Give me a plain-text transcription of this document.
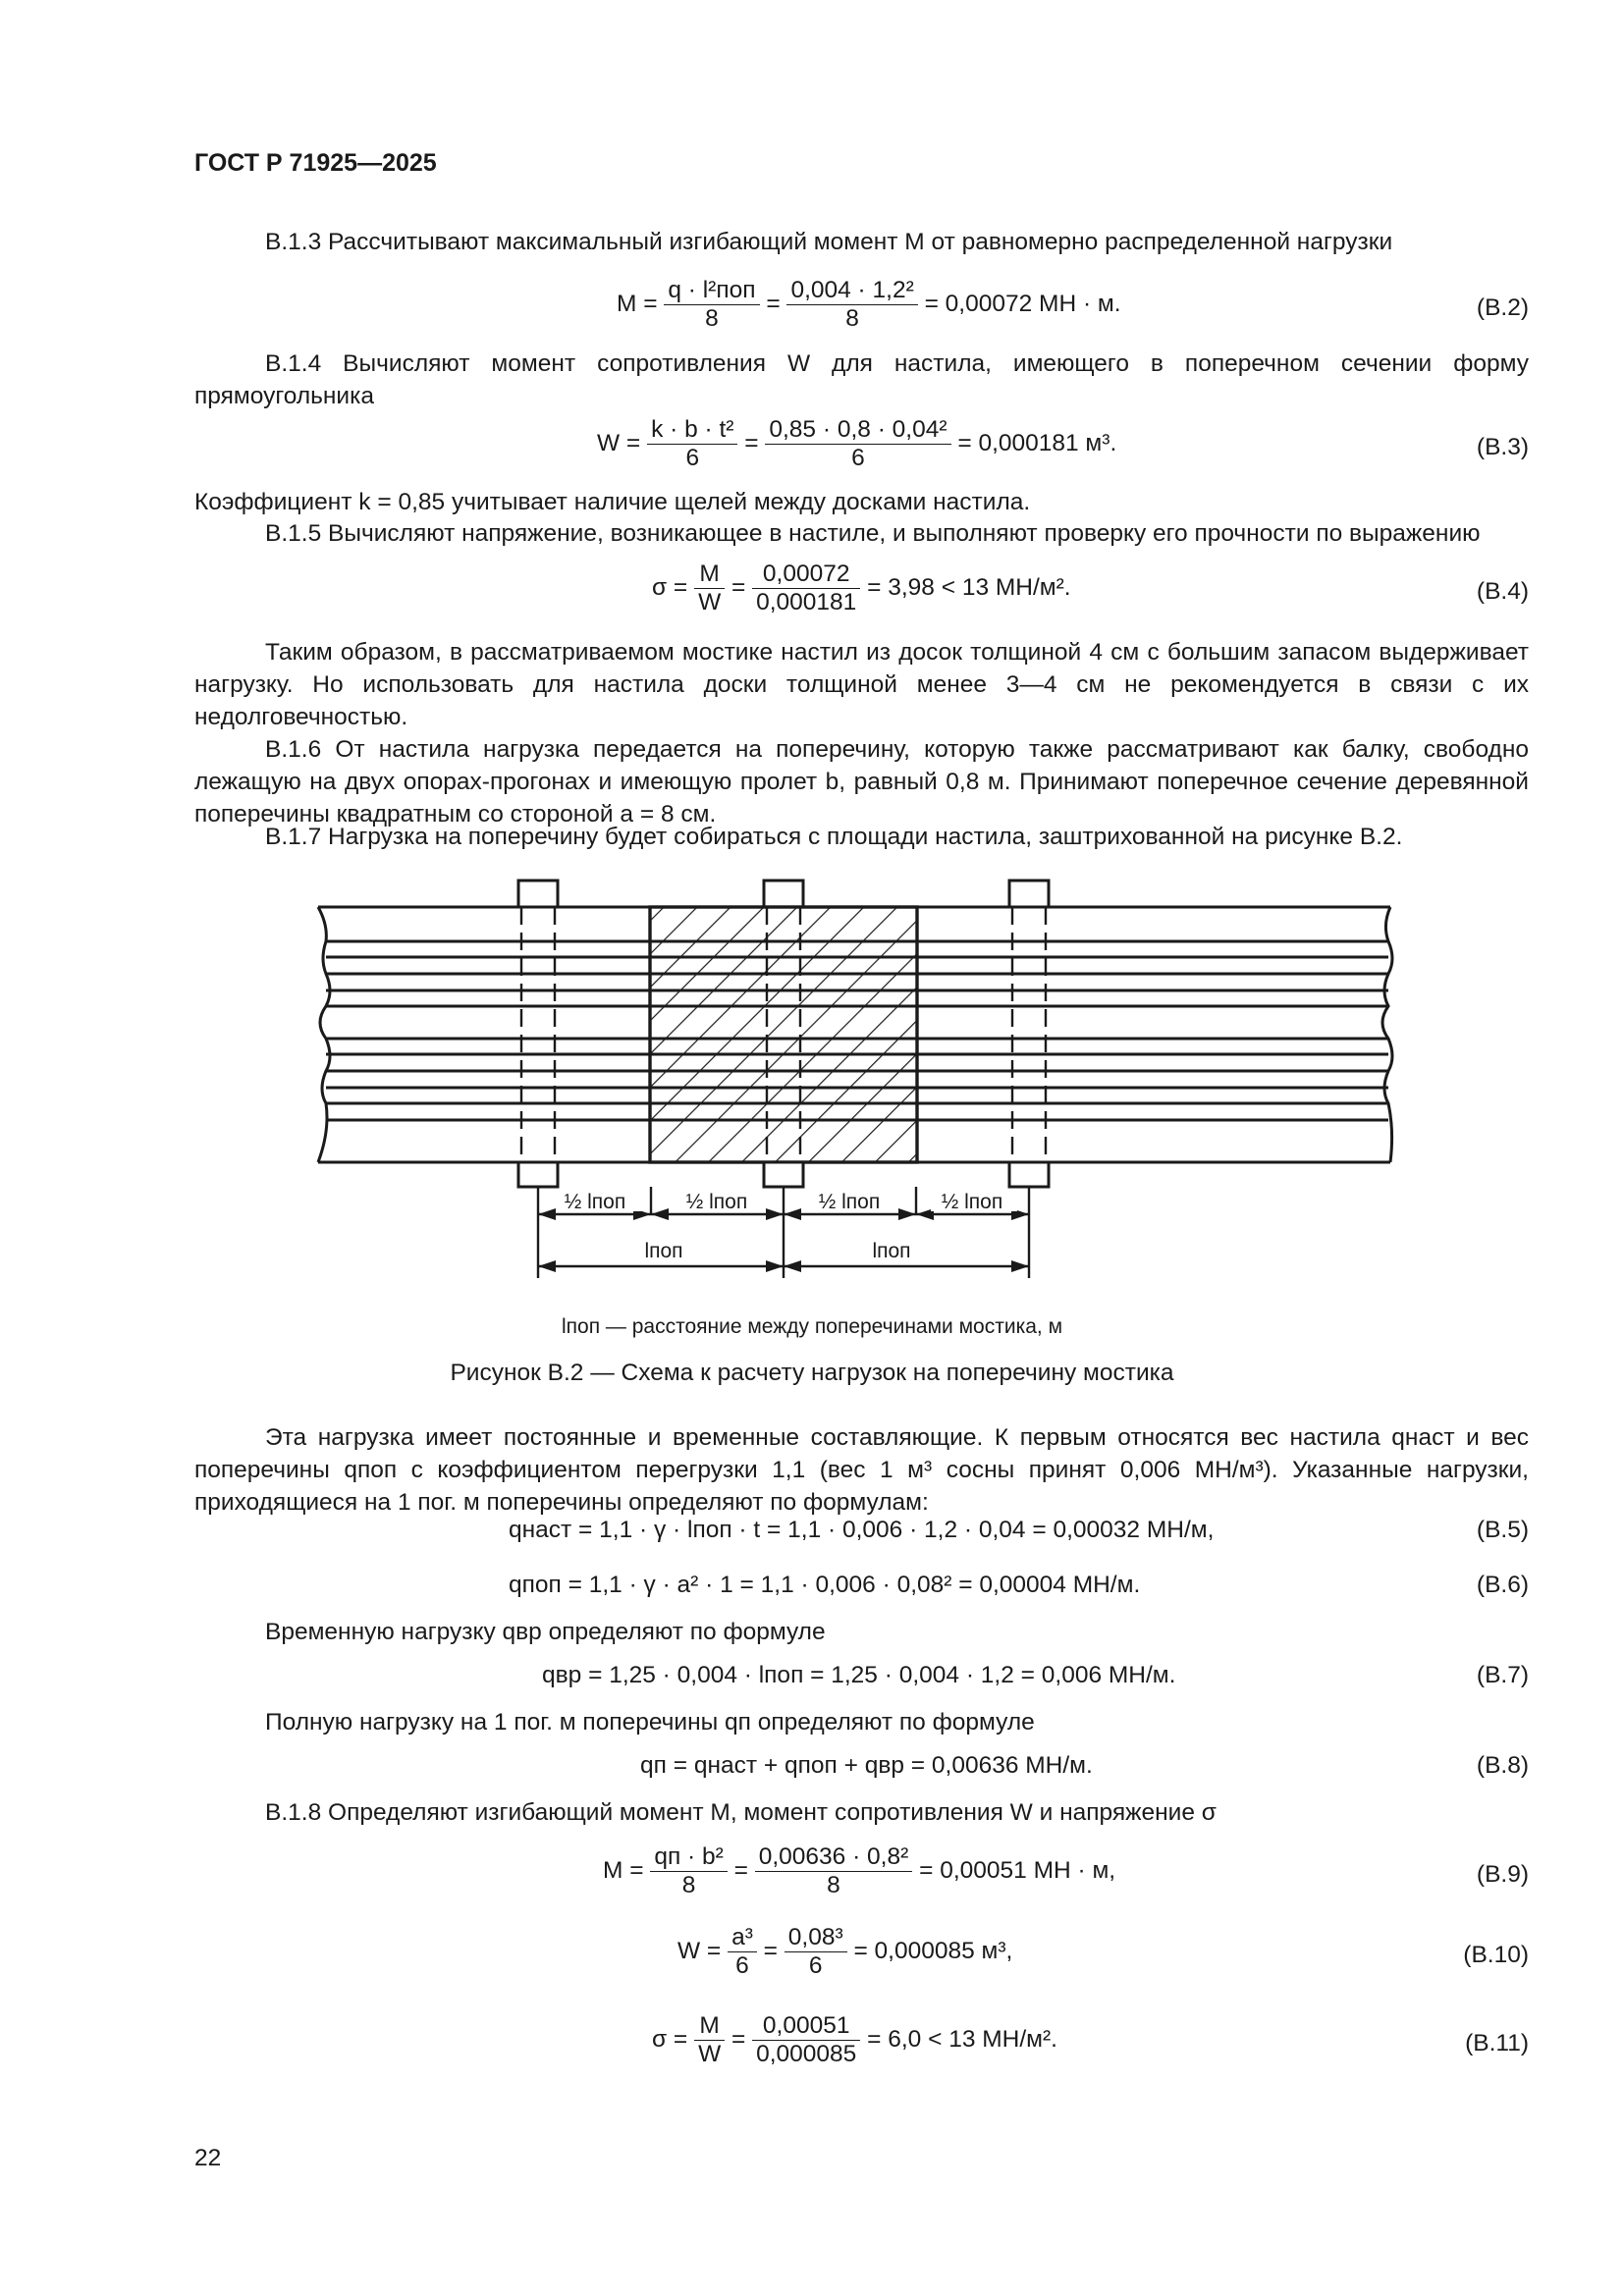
ГОСТ Р 71925—2025
В.1.3 Рассчитывают максимальный изгибающий момент M от равномерно распределенной нагрузки
$M = \frac{\text{q · l²поп}}{8} = \frac{\text{0,004 · 1,2²}}{8} = 0,00072$ МН · м.	(В.2)
В.1.4 Вычисляют момент сопротивления W для настила, имеющего в поперечном сечении форму прямоугольника
$W = \frac{\text{k · b · t²}}{6} = \frac{\text{0,85 · 0,8 · 0,04²}}{6} = 0,000181$ м³.	(В.3)
Коэффициент k = 0,85 учитывает наличие щелей между досками настила.
В.1.5 Вычисляют напряжение, возникающее в настиле, и выполняют проверку его прочности по выражению
$\sigma = \frac{M}{W} = \frac{0,00072}{0,000181} = 3,98 < 13$ МН/м².	(В.4)
Таким образом, в рассматриваемом мостике настил из досок толщиной 4 см с большим запасом выдерживает нагрузку. Но использовать для настила доски толщиной менее 3—4 см не рекомендуется в связи с их недолговечностью.
В.1.6 От настила нагрузка передается на поперечину, которую также рассматривают как балку, свободно лежащую на двух опорах-прогонах и имеющую пролет b, равный 0,8 м. Принимают поперечное сечение деревянной поперечины квадратным со стороной a = 8 см.
В.1.7 Нагрузка на поперечину будет собираться с площади настила, заштрихованной на рисунке В.2.
½ lпоп	½ lпоп	½ lпоп	½ lпоп
lпоп	lпоп
lпоп — расстояние между поперечинами мостика, м
Рисунок В.2 — Схема к расчету нагрузок на поперечину мостика
Эта нагрузка имеет постоянные и временные составляющие. К первым относятся вес настила qнаст и вес поперечины qпоп с коэффициентом перегрузки 1,1 (вес 1 м³ сосны принят 0,006 МН/м³). Указанные нагрузки, приходящиеся на 1 пог. м поперечины определяют по формулам:
qнаст = 1,1 · γ · lпоп · t = 1,1 · 0,006 · 1,2 · 0,04 = 0,00032 МН/м,	(В.5)
qпоп = 1,1 · γ · a² · 1 = 1,1 · 0,006 · 0,08² = 0,00004 МН/м.	(В.6)
Временную нагрузку qвр определяют по формуле
qвр = 1,25 · 0,004 · lпоп = 1,25 · 0,004 · 1,2 = 0,006 МН/м.	(В.7)
Полную нагрузку на 1 пог. м поперечины qп определяют по формуле
qп = qнаст + qпоп + qвр = 0,00636 МН/м.	(В.8)
В.1.8 Определяют изгибающий момент M, момент сопротивления W и напряжение σ
$M = \frac{\text{qп · b²}}{8} = \frac{\text{0,00636 · 0,8²}}{8} = 0,00051$ МН · м,	(В.9)
$W = \frac{\text{a³}}{6} = \frac{\text{0,08³}}{6} = 0,000085$ м³,	(В.10)
$\sigma = \frac{M}{W} = \frac{0,00051}{0,000085} = 6,0 < 13$ МН/м².	(В.11)
22
